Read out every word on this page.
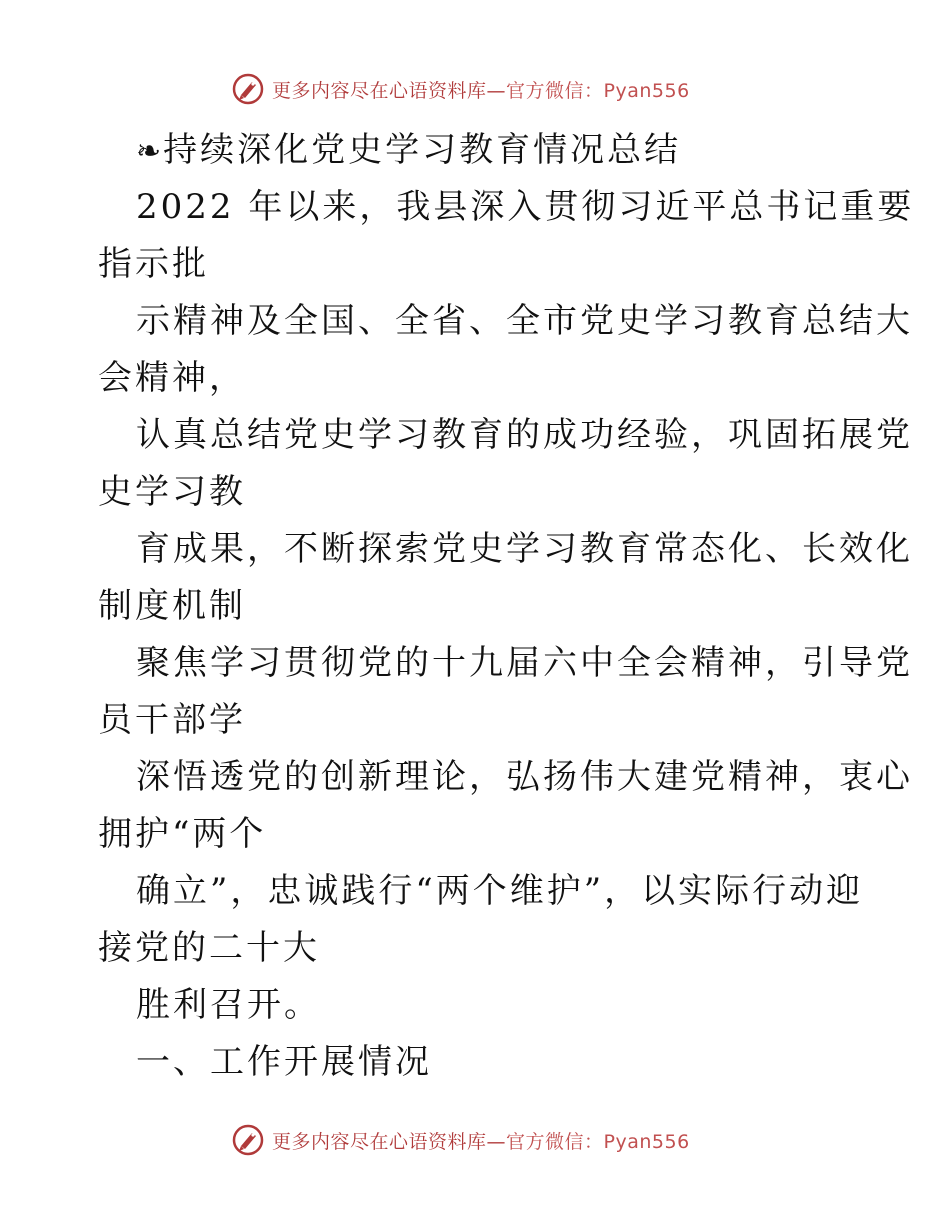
更多内容尽在心语资料库—官方微信：Pyan556
❧持续深化党史学习教育情况总结
2022 年以来，我县深入贯彻习近平总书记重要
指示批
示精神及全国、全省、全市党史学习教育总结大
会精神，
认真总结党史学习教育的成功经验，巩固拓展党
史学习教
育成果，不断探索党史学习教育常态化、长效化
制度机制
聚焦学习贯彻党的十九届六中全会精神，引导党
员干部学
深悟透党的创新理论，弘扬伟大建党精神，衷心
拥护“两个
确立”，忠诚践行“两个维护”，以实际行动迎
接党的二十大
胜利召开。
一、工作开展情况
更多内容尽在心语资料库—官方微信：Pyan556
